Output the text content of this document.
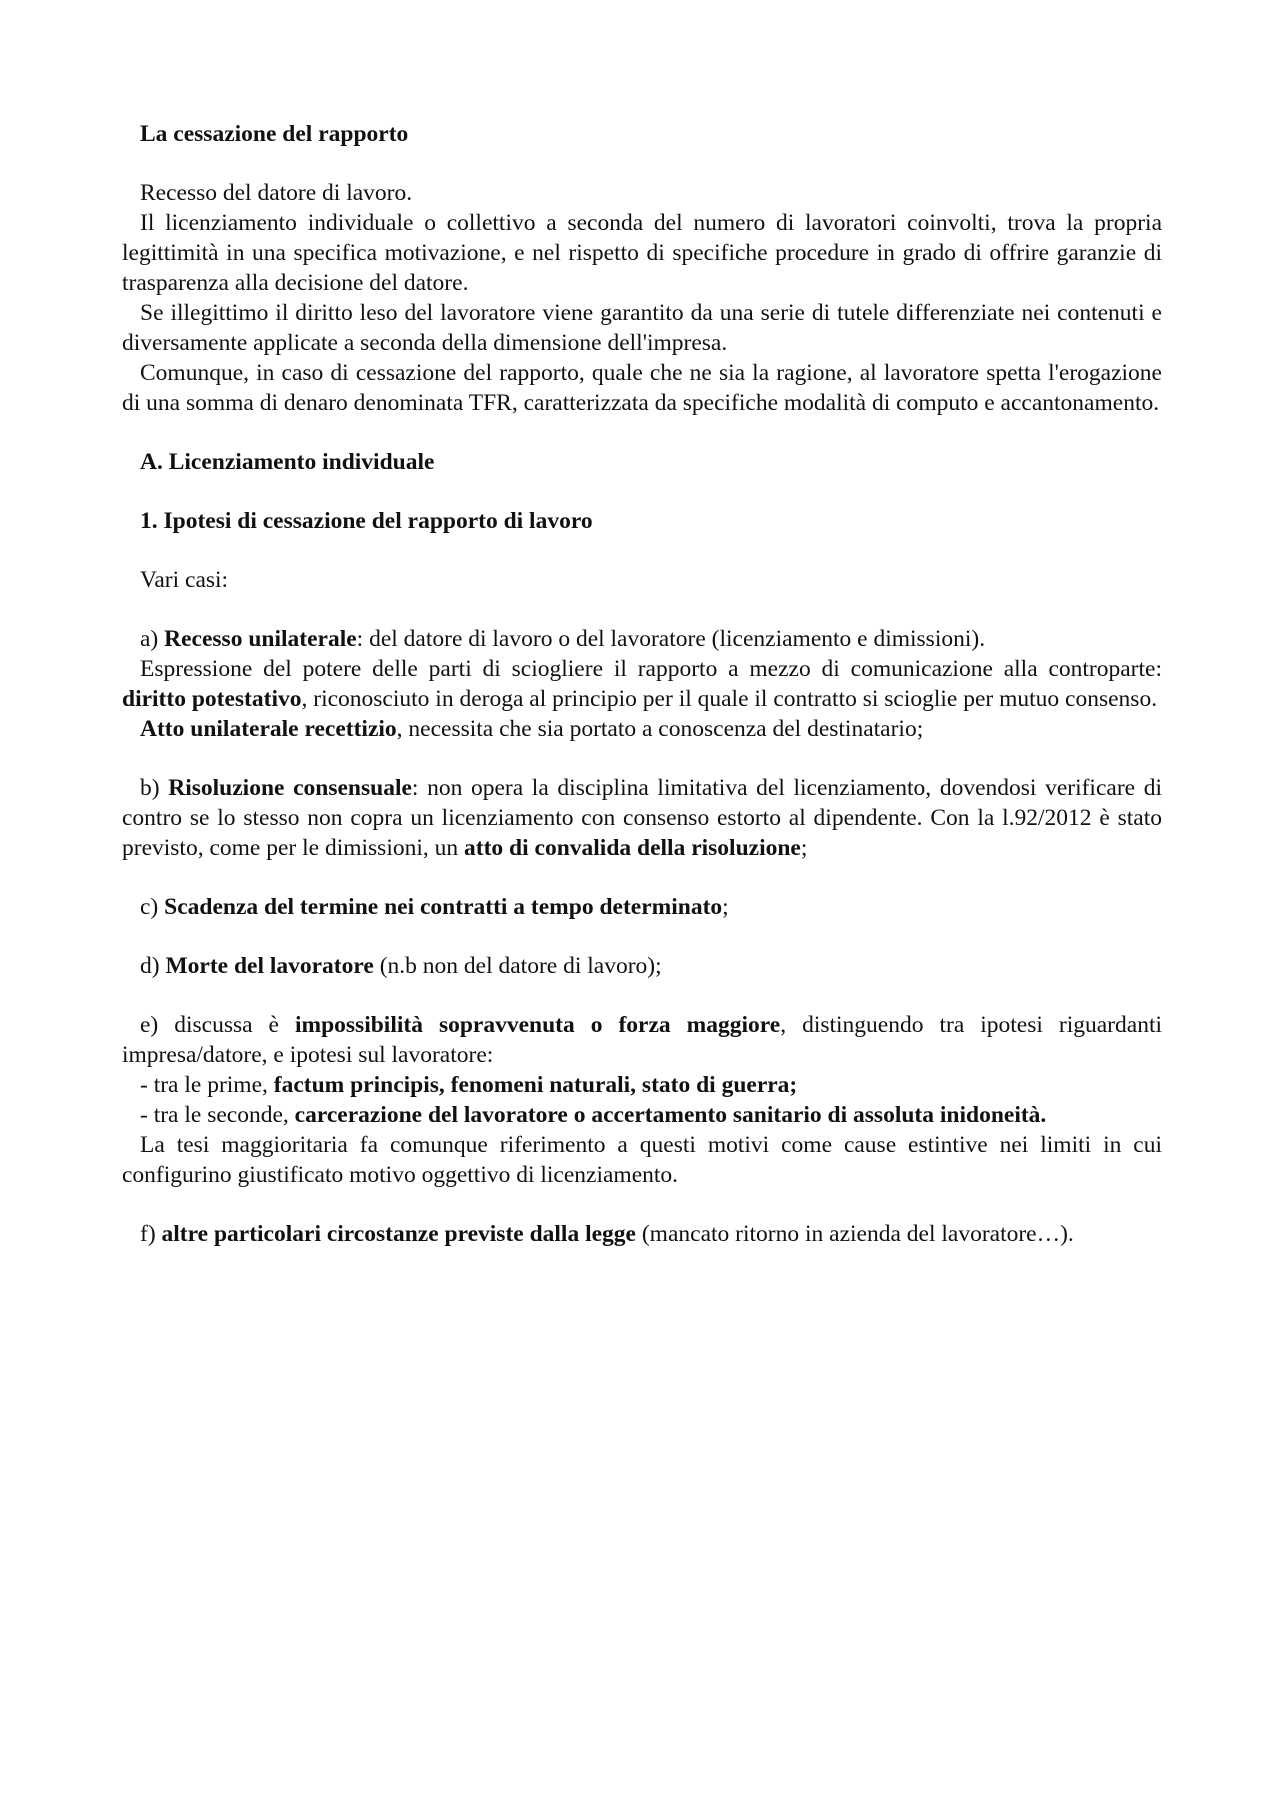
La cessazione del rapporto

Recesso del datore di lavoro.

Il licenziamento individuale o collettivo a seconda del numero di lavoratori coinvolti, trova la propria legittimità in una specifica motivazione, e nel rispetto di specifiche procedure in grado di offrire garanzie di trasparenza alla decisione del datore.

Se illegittimo il diritto leso del lavoratore viene garantito da una serie di tutele differenziate nei contenuti e diversamente applicate a seconda della dimensione dell'impresa.

Comunque, in caso di cessazione del rapporto, quale che ne sia la ragione, al lavoratore spetta l'erogazione di una somma di denaro denominata TFR, caratterizzata da specifiche modalità di computo e accantonamento.

A. Licenziamento individuale

1. Ipotesi di cessazione del rapporto di lavoro

Vari casi:

a) Recesso unilaterale: del datore di lavoro o del lavoratore (licenziamento e dimissioni).

Espressione del potere delle parti di sciogliere il rapporto a mezzo di comunicazione alla controparte: diritto potestativo, riconosciuto in deroga al principio per il quale il contratto si scioglie per mutuo consenso.

Atto unilaterale recettizio, necessita che sia portato a conoscenza del destinatario;

b) Risoluzione consensuale: non opera la disciplina limitativa del licenziamento, dovendosi verificare di contro se lo stesso non copra un licenziamento con consenso estorto al dipendente. Con la l.92/2012 è stato previsto, come per le dimissioni, un atto di convalida della risoluzione;

c) Scadenza del termine nei contratti a tempo determinato;

d) Morte del lavoratore (n.b non del datore di lavoro);

e) discussa è impossibilità sopravvenuta o forza maggiore, distinguendo tra ipotesi riguardanti impresa/datore, e ipotesi sul lavoratore:

- tra le prime, factum principis, fenomeni naturali, stato di guerra;

- tra le seconde, carcerazione del lavoratore o accertamento sanitario di assoluta inidoneità.

La tesi maggioritaria fa comunque riferimento a questi motivi come cause estintive nei limiti in cui configurino giustificato motivo oggettivo di licenziamento.

f) altre particolari circostanze previste dalla legge (mancato ritorno in azienda del lavoratore…).
